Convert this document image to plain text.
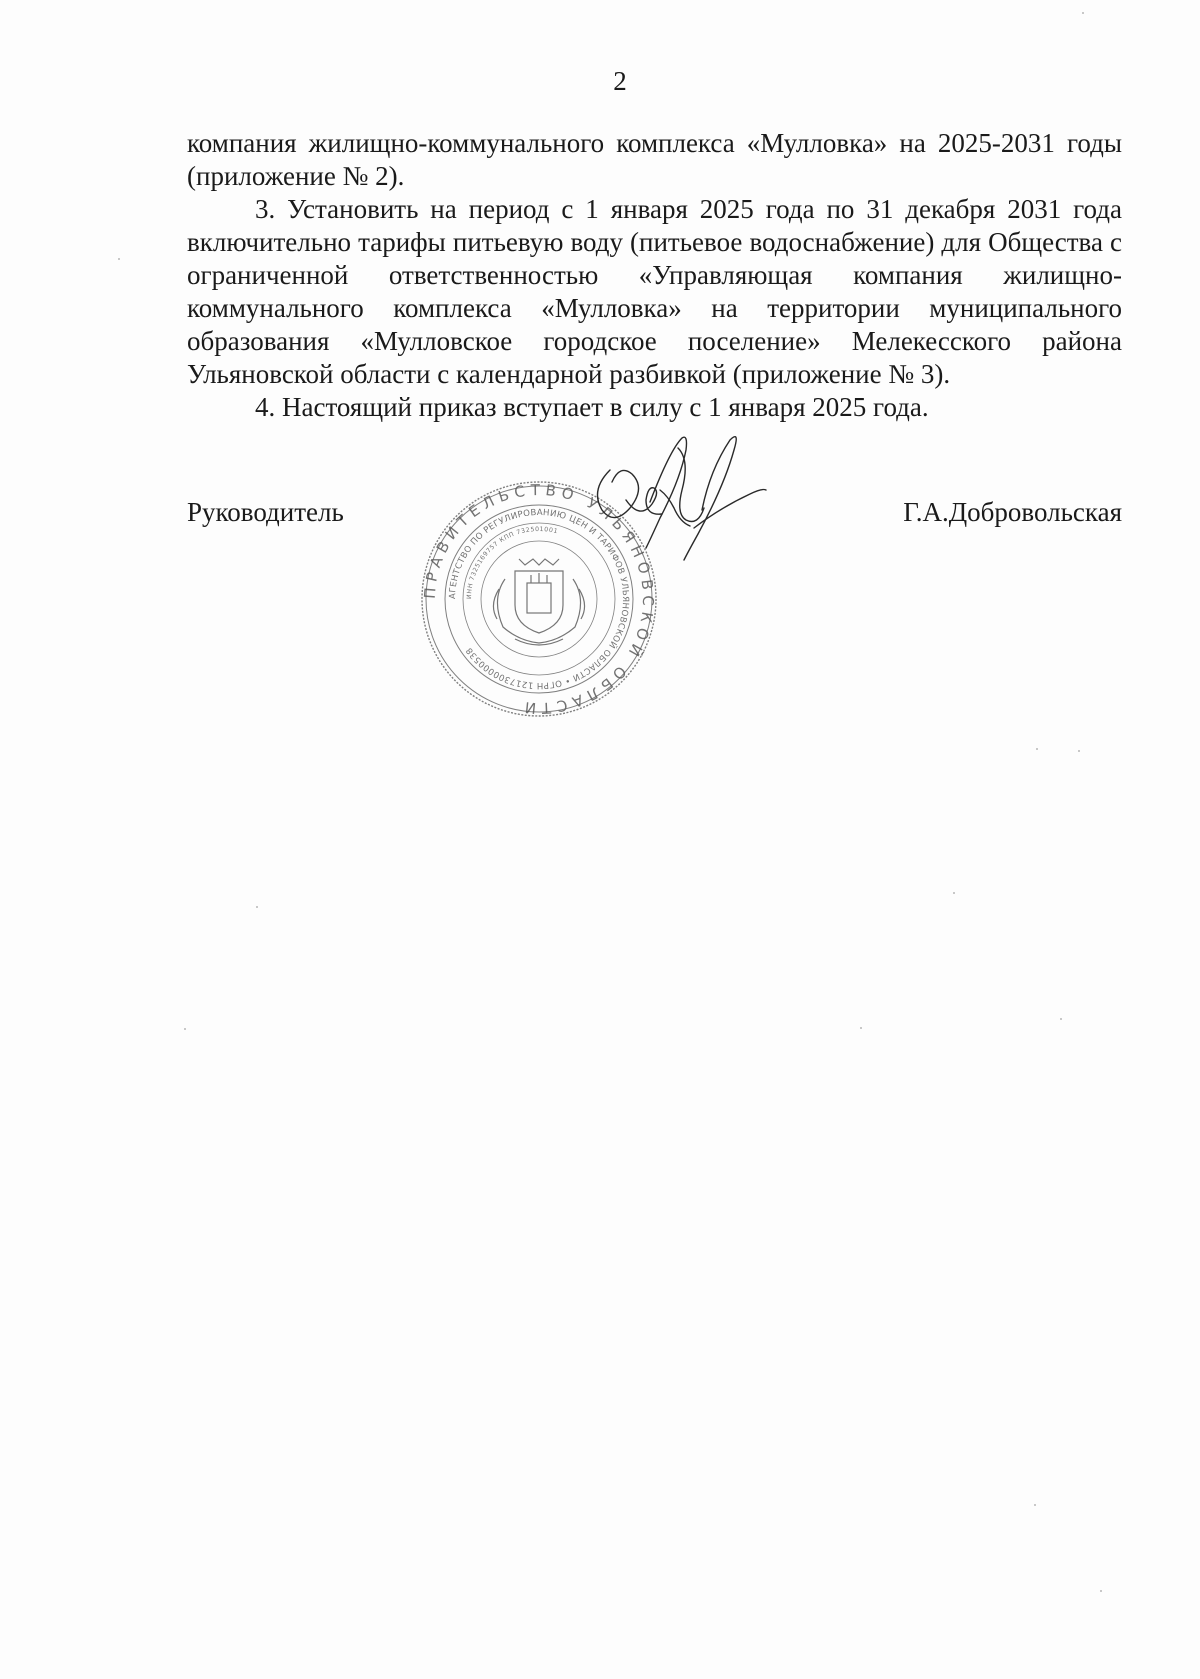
2

компания жилищно-коммунального комплекса «Мулловка» на 2025-2031 годы (приложение № 2).

3. Установить на период с 1 января 2025 года по 31 декабря 2031 года включительно тарифы питьевую воду (питьевое водоснабжение) для Общества с ограниченной ответственностью «Управляющая компания жилищно-коммунального комплекса «Мулловка» на территории муниципального образования «Мулловское городское поселение» Мелекесского района Ульяновской области с календарной разбивкой (приложение № 3).

4. Настоящий приказ вступает в силу с 1 января 2025 года.

Руководитель	Г.А.Добровольская
ПРАВИТЕЛЬСТВО УЛЬЯНОВСКОЙ ОБЛАСТИ
АГЕНТСТВО ПО РЕГУЛИРОВАНИЮ ЦЕН И ТАРИФОВ УЛЬЯНОВСКОЙ ОБЛАСТИ • ОГРН 1217300000538
ИНН 7325169757 КПП 732501001
